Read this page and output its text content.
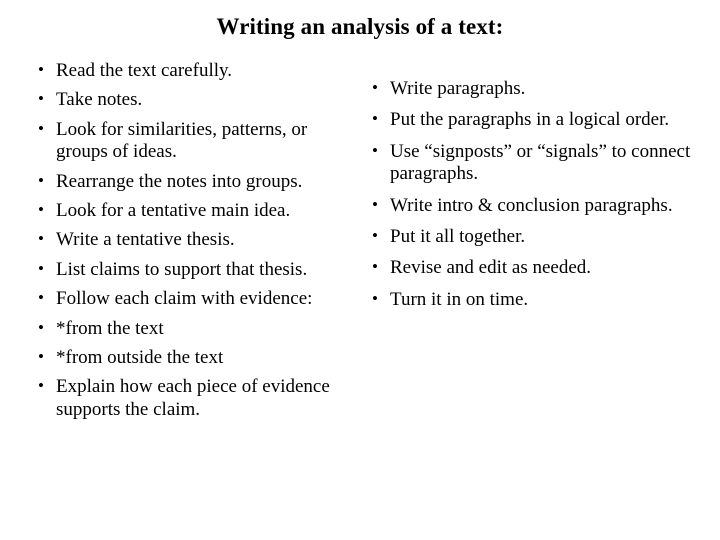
Writing an analysis of a text:
• Read the text carefully.
• Take notes.
• Look for similarities, patterns, or groups of ideas.
• Rearrange the notes into groups.
• Look for a tentative main idea.
• Write a tentative thesis.
• List claims to support that thesis.
• Follow each claim with evidence:
• *from the text
• *from outside the text
• Explain how each piece of evidence supports the claim.
• Write paragraphs.
• Put the paragraphs in a logical order.
• Use “signposts” or “signals” to connect paragraphs.
• Write intro & conclusion paragraphs.
• Put it all together.
• Revise and edit as needed.
• Turn it in on time.
